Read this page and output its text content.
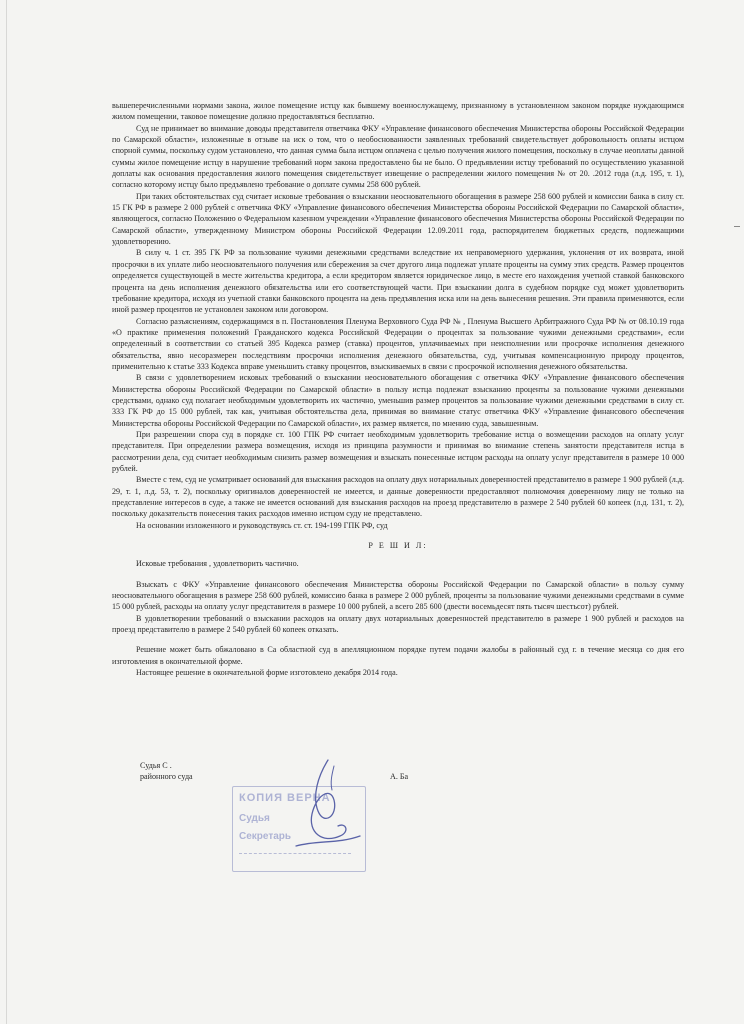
вышеперечисленными нормами закона, жилое помещение истцу как бывшему военнослужащему, признанному в установленном законом порядке нуждающимся жилом помещении, таковое помещение должно предоставляться бесплатно.

Суд не принимает во внимание доводы представителя ответчика ФКУ «Управление финансового обеспечения Министерства обороны Российской Федерации по Самарской области», изложенные в отзыве на иск о том, что о необоснованности заявленных требований свидетельствует добровольность оплаты истцом спорной суммы, поскольку судом установлено, что данная сумма была истцом оплачена с целью получения жилого помещения, поскольку в случае неоплаты данной суммы жилое помещение истцу в нарушение требований норм закона предоставлено бы не было. О предъявлении истцу требований по осуществлению указанной доплаты как основания предоставления жилого помещения свидетельствует извещение о распределении жилого помещения № от 20. .2012 года (л.д. 195, т. 1), согласно которому истцу было предъявлено требование о доплате суммы 258 600 рублей.

При таких обстоятельствах суд считает исковые требования о взыскании неосновательного обогащения в размере 258 600 рублей и комиссии банка в силу ст. 15 ГК РФ в размере 2 000 рублей с ответчика ФКУ «Управление финансового обеспечения Министерства обороны Российской Федерации по Самарской области», являющегося, согласно Положению о Федеральном казенном учреждении «Управление финансового обеспечения Министерства обороны Российской Федерации по Самарской области», утвержденному Министром обороны Российской Федерации 12.09.2011 года, распорядителем бюджетных средств, подлежащими удовлетворению.

В силу ч. 1 ст. 395 ГК РФ за пользование чужими денежными средствами вследствие их неправомерного удержания, уклонения от их возврата, иной просрочки в их уплате либо неосновательного получения или сбережения за счет другого лица подлежат уплате проценты на сумму этих средств. Размер процентов определяется существующей в месте жительства кредитора, а если кредитором является юридическое лицо, в месте его нахождения учетной ставкой банковского процента на день исполнения денежного обязательства или его соответствующей части. При взыскании долга в судебном порядке суд может удовлетворить требование кредитора, исходя из учетной ставки банковского процента на день предъявления иска или на день вынесения решения. Эти правила применяются, если иной размер процентов не установлен законом или договором.

Согласно разъяснениям, содержащимся в п. Постановления Пленума Верховного Суда РФ № , Пленума Высшего Арбитражного Суда РФ № от 08.10.19 года «О практике применения положений Гражданского кодекса Российской Федерации о процентах за пользование чужими денежными средствами», если определенный в соответствии со статьей 395 Кодекса размер (ставка) процентов, уплачиваемых при неисполнении или просрочке исполнения денежного обязательства, явно несоразмерен последствиям просрочки исполнения денежного обязательства, суд, учитывая компенсационную природу процентов, применительно к статье 333 Кодекса вправе уменьшить ставку процентов, взыскиваемых в связи с просрочкой исполнения денежного обязательства.

В связи с удовлетворением исковых требований о взыскании неосновательного обогащения с ответчика ФКУ «Управление финансового обеспечения Министерства обороны Российской Федерации по Самарской области» в пользу истца подлежат взысканию проценты за пользование чужими денежными средствами, однако суд полагает необходимым удовлетворить их частично, уменьшив размер процентов за пользование чужими денежными средствами в силу ст. 333 ГК РФ до 15 000 рублей, так как, учитывая обстоятельства дела, принимая во внимание статус ответчика ФКУ «Управление финансового обеспечения Министерства обороны Российской Федерации по Самарской области», их размер является, по мнению суда, завышенным.

При разрешении спора суд в порядке ст. 100 ГПК РФ считает необходимым удовлетворить требование истца о возмещении расходов на оплату услуг представителя. При определении размера возмещения, исходя из принципа разумности и принимая во внимание степень занятости представителя истца в рассмотрении дела, суд считает необходимым снизить размер возмещения и взыскать понесенные истцом расходы на оплату услуг представителя в размере 10 000 рублей.

Вместе с тем, суд не усматривает оснований для взыскания расходов на оплату двух нотариальных доверенностей представителю в размере 1 900 рублей (л.д. 29, т. 1, л.д. 53, т. 2), поскольку оригиналов доверенностей не имеется, и данные доверенности предоставляют полномочия доверенному лицу не только на представление интересов в суде, а также не имеется оснований для взыскания расходов на проезд представителю в размере 2 540 рублей 60 копеек (л.д. 131, т. 2), поскольку доказательств понесения таких расходов именно истцом суду не представлено.

На основании изложенного и руководствуясь ст. ст. 194-199 ГПК РФ, суд

Р Е Ш И Л:

Исковые требования , удовлетворить частично.

Взыскать с ФКУ «Управление финансового обеспечения Министерства обороны Российской Федерации по Самарской области» в пользу сумму неосновательного обогащения в размере 258 600 рублей, комиссию банка в размере 2 000 рублей, проценты за пользование чужими денежными средствами в сумме 15 000 рублей, расходы на оплату услуг представителя в размере 10 000 рублей, а всего 285 600 (двести восемьдесят пять тысяч шестьсот) рублей.

В удовлетворении требований о взыскании расходов на оплату двух нотариальных доверенностей представителю в размере 1 900 рублей и расходов на проезд представителю в размере 2 540 рублей 60 копеек отказать.

Решение может быть обжаловано в Са областной суд в апелляционном порядке путем подачи жалобы в районный суд г. в течение месяца со дня его изготовления в окончательной форме.

Настоящее решение в окончательной форме изготовлено декабря 2014 года.

Судья С .
районного суда	А. Ба
КОПИЯ ВЕРНА
Судья
Секретарь
